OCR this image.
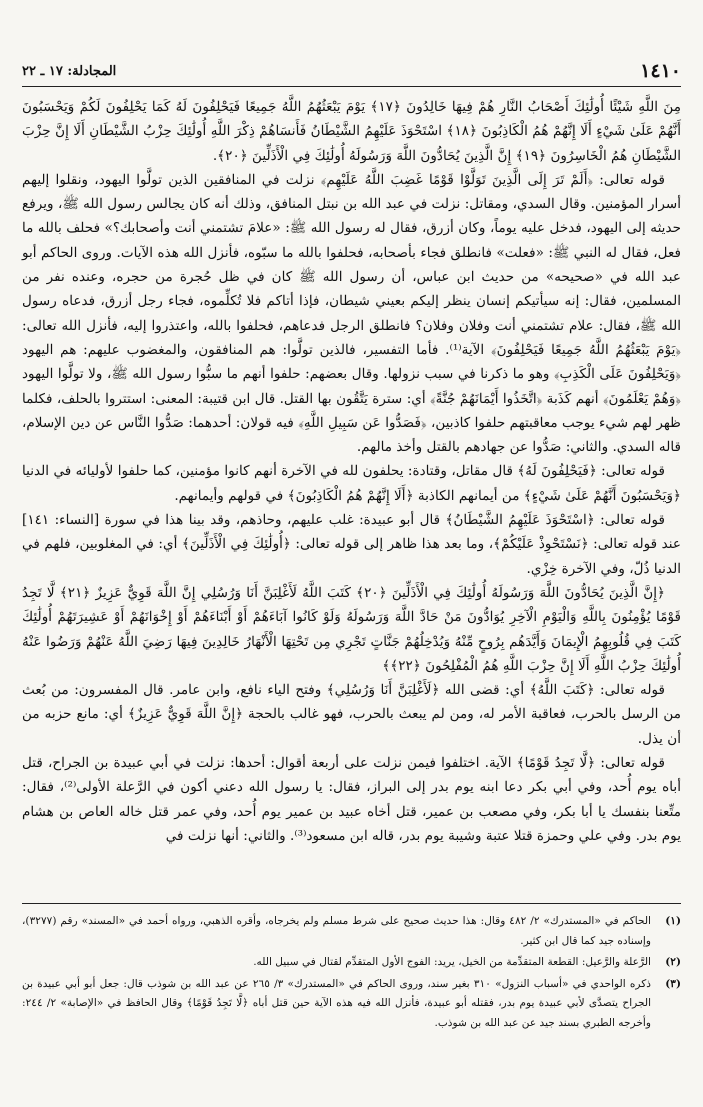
١٤١٠
المجادلة: ١٧ ـ ٢٢

مِنَ اللَّهِ شَيْئًا أُولَٰئِكَ أَصْحَابُ النَّارِ هُمْ فِيهَا خَالِدُونَ ﴿١٧﴾ يَوْمَ يَبْعَثُهُمُ اللَّهُ جَمِيعًا فَيَحْلِفُونَ لَهُ كَمَا يَحْلِفُونَ لَكُمْ وَيَحْسَبُونَ أَنَّهُمْ عَلَىٰ شَيْءٍ أَلَا إِنَّهُمْ هُمُ الْكَاذِبُونَ ﴿١٨﴾ اسْتَحْوَذَ عَلَيْهِمُ الشَّيْطَانُ فَأَنسَاهُمْ ذِكْرَ اللَّهِ أُولَٰئِكَ حِزْبُ الشَّيْطَانِ أَلَا إِنَّ حِزْبَ الشَّيْطَانِ هُمُ الْخَاسِرُونَ ﴿١٩﴾ إِنَّ الَّذِينَ يُحَادُّونَ اللَّهَ وَرَسُولَهُ أُولَٰئِكَ فِي الْأَذَلِّينَ ﴿٢٠﴾.

قوله تعالى: ﴿أَلَمْ تَرَ إِلَى الَّذِينَ تَوَلَّوْا قَوْمًا غَضِبَ اللَّهُ عَلَيْهِم﴾ نزلت في المنافقين الذين تولَّوا اليهود، ونقلوا إليهم أسرار المؤمنين. وقال السدي، ومقاتل: نزلت في عبد الله بن نبتل المنافق، وذلك أنه كان يجالس رسول الله ﷺ، ويرفع حديثه إلى اليهود، فدخل عليه يوماً، وكان أزرق، فقال له رسول الله ﷺ: «علامَ تشتمني أنت وأصحابك؟» فحلف بالله ما فعل، فقال له النبي ﷺ: «فعلت» فانطلق فجاء بأصحابه، فحلفوا بالله ما سبّوه، فأنزل الله هذه الآيات. وروى الحاكم أبو عبد الله في «صحيحه» من حديث ابن عباس، أن رسول الله ﷺ كان في ظل حُجرة من حجره، وعنده نفر من المسلمين، فقال: إنه سيأتيكم إنسان ينظر إليكم بعيني شيطان، فإذا أتاكم فلا تُكلِّموه، فجاء رجل أزرق، فدعاه رسول الله ﷺ، فقال: علام تشتمني أنت وفلان وفلان؟ فانطلق الرجل فدعاهم، فحلفوا بالله، واعتذروا إليه، فأنزل الله تعالى: ﴿يَوْمَ يَبْعَثُهُمُ اللَّهُ جَمِيعًا فَيَحْلِفُونَ﴾ الآية⁽¹⁾. فأما التفسير، فالذين تولَّوا: هم المنافقون، والمغضوب عليهم: هم اليهود ﴿وَيَحْلِفُونَ عَلَى الْكَذِبِ﴾ وهو ما ذكرنا في سبب نزولها. وقال بعضهم: حلفوا أنهم ما سبُّوا رسول الله ﷺ، ولا تولَّوا اليهود ﴿وَهُمْ يَعْلَمُونَ﴾ أنهم كَذَبة ﴿اتَّخَذُوا أَيْمَانَهُمْ جُنَّةً﴾ أي: سترة يَتَّقُون بها القتل. قال ابن قتيبة: المعنى: استتروا بالحلف، فكلما ظهر لهم شيء يوجب معاقبتهم حلفوا كاذبين، ﴿فَصَدُّوا عَن سَبِيلِ اللَّهِ﴾ فيه قولان: أحدهما: صَدُّوا النَّاس عن دين الإسلام، قاله السدي. والثاني: صَدُّوا عن جهادهم بالقتل وأخذ مالهم.

قوله تعالى: ﴿فَيَحْلِفُونَ لَهُ﴾ قال مقاتل، وقتادة: يحلفون لله في الآخرة أنهم كانوا مؤمنين، كما حلفوا لأوليائه في الدنيا ﴿وَيَحْسَبُونَ أَنَّهُمْ عَلَىٰ شَيْءٍ﴾ من أيمانهم الكاذبة ﴿أَلَا إِنَّهُمْ هُمُ الْكَاذِبُونَ﴾ في قولهم وأيمانهم.

قوله تعالى: ﴿اسْتَحْوَذَ عَلَيْهِمُ الشَّيْطَانُ﴾ قال أبو عبيدة: غلب عليهم، وحاذهم، وقد بينا هذا في سورة [النساء: ١٤١] عند قوله تعالى: ﴿نَسْتَحْوِذْ عَلَيْكُمْ﴾، وما بعد هذا ظاهر إلى قوله تعالى: ﴿أُولَٰئِكَ فِي الْأَذَلِّينَ﴾ أي: في المغلوبين، فلهم في الدنيا ذُلّ، وفي الآخرة خِزْي.

﴿إِنَّ الَّذِينَ يُحَادُّونَ اللَّهَ وَرَسُولَهُ أُولَٰئِكَ فِي الْأَذَلِّينَ ﴿٢٠﴾ كَتَبَ اللَّهُ لَأَغْلِبَنَّ أَنَا وَرُسُلِي إِنَّ اللَّهَ قَوِيٌّ عَزِيزٌ ﴿٢١﴾ لَّا تَجِدُ قَوْمًا يُؤْمِنُونَ بِاللَّهِ وَالْيَوْمِ الْآخِرِ يُوَادُّونَ مَنْ حَادَّ اللَّهَ وَرَسُولَهُ وَلَوْ كَانُوا آبَاءَهُمْ أَوْ أَبْنَاءَهُمْ أَوْ إِخْوَانَهُمْ أَوْ عَشِيرَتَهُمْ أُولَٰئِكَ كَتَبَ فِي قُلُوبِهِمُ الْإِيمَانَ وَأَيَّدَهُم بِرُوحٍ مِّنْهُ وَيُدْخِلُهُمْ جَنَّاتٍ تَجْرِي مِن تَحْتِهَا الْأَنْهَارُ خَالِدِينَ فِيهَا رَضِيَ اللَّهُ عَنْهُمْ وَرَضُوا عَنْهُ أُولَٰئِكَ حِزْبُ اللَّهِ أَلَا إِنَّ حِزْبَ اللَّهِ هُمُ الْمُفْلِحُونَ ﴿٢٢﴾﴾

قوله تعالى: ﴿كَتَبَ اللَّهُ﴾ أي: قضى الله ﴿لَأَغْلِبَنَّ أَنَا وَرُسُلِي﴾ وفتح الياء نافع، وابن عامر. قال المفسرون: من بُعث من الرسل بالحرب، فعاقبة الأمر له، ومن لم يبعث بالحرب، فهو غالب بالحجة ﴿إِنَّ اللَّهَ قَوِيٌّ عَزِيزٌ﴾ أي: مانع حزبه من أن يذل.

قوله تعالى: ﴿لَّا تَجِدُ قَوْمًا﴾ الآية. اختلفوا فيمن نزلت على أربعة أقوال: أحدها: نزلت في أبي عبيدة بن الجراح، قتل أباه يوم أُحد، وفي أبي بكر دعا ابنه يوم بدر إلى البراز، فقال: يا رسول الله دعني أكون في الرَّعلة الأولى⁽²⁾، فقال: متِّعنا بنفسك يا أبا بكر، وفي مصعب بن عمير، قتل أخاه عبيد بن عمير يوم أُحد، وفي عمر قتل خاله العاص بن هشام يوم بدر. وفي علي وحمزة قتلا عتبة وشيبة يوم بدر، قاله ابن مسعود⁽³⁾. والثاني: أنها نزلت في

(١)
الحاكم في «المستدرك» ٢/ ٤٨٢ وقال: هذا حديث صحيح على شرط مسلم ولم يخرجاه، وأقره الذهبي، ورواه أحمد في «المسند» رقم (٣٢٧٧)، وإسناده جيد كما قال ابن كثير.
(٢)
الرَّعلة والرَّعيل: القطعة المتقدِّمة من الخيل، يريد: الفوج الأول المتقدِّم لقتال في سبيل الله.
(٣)
ذكره الواحدي في «أسباب النزول» ٣١٠ بغير سند، وروى الحاكم في «المستدرك» ٣/ ٢٦٥ عن عبد الله بن شوذب قال: جعل أبو أبي عبيدة بن الجراح يتصدَّى لأبي عبيدة يوم بدر، فقتله أبو عبيدة، فأنزل الله فيه هذه الآية حين قتل أباه ﴿لَّا تَجِدُ قَوْمًا﴾ وقال الحافظ في «الإصابة» ٢/ ٢٤٤: وأخرجه الطبري بسند جيد عن عبد الله بن شوذب.
